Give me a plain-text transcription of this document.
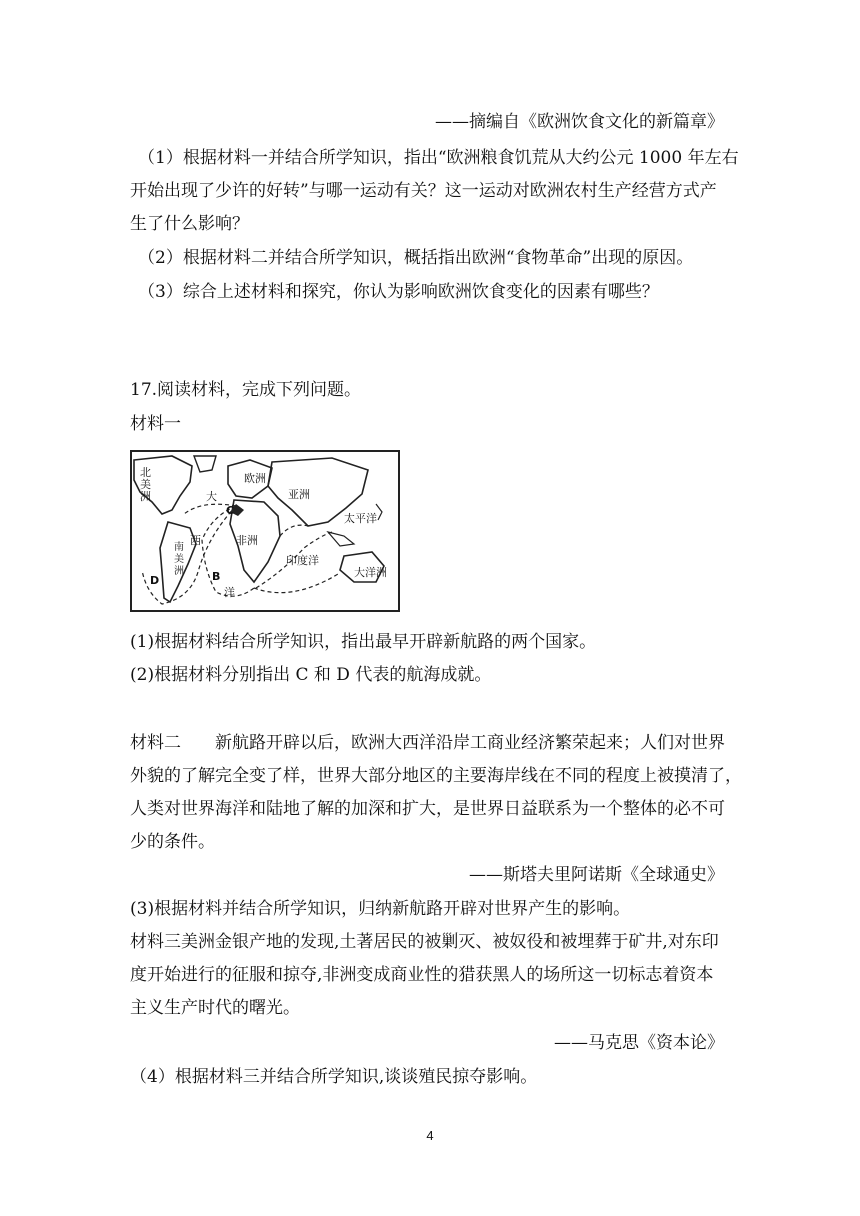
——摘编自《欧洲饮食文化的新篇章》
（1）根据材料一并结合所学知识，指出“欧洲粮食饥荒从大约公元 1000 年左右
开始出现了少许的好转”与哪一运动有关？这一运动对欧洲农村生产经营方式产
生了什么影响？
（2）根据材料二并结合所学知识，概括指出欧洲“食物革命”出现的原因。
（3）综合上述材料和探究，你认为影响欧洲饮食变化的因素有哪些？
17.阅读材料，完成下列问题。
材料一
北
美
洲	大
西
洋
欧洲
亚洲
非洲
太平洋
印度洋
大洋洲
南
美
洲
C
D	B
(1)根据材料结合所学知识，指出最早开辟新航路的两个国家。
(2)根据材料分别指出 C 和 D 代表的航海成就。
材料二　　新航路开辟以后，欧洲大西洋沿岸工商业经济繁荣起来；人们对世界
外貌的了解完全变了样，世界大部分地区的主要海岸线在不同的程度上被摸清了，
人类对世界海洋和陆地了解的加深和扩大，是世界日益联系为一个整体的必不可
少的条件。
——斯塔夫里阿诺斯《全球通史》
(3)根据材料并结合所学知识，归纳新航路开辟对世界产生的影响。
材料三美洲金银产地的发现,土著居民的被剿灭、被奴役和被埋葬于矿井,对东印
度开始进行的征服和掠夺,非洲变成商业性的猎获黑人的场所这一切标志着资本
主义生产时代的曙光。
——马克思《资本论》
（4）根据材料三并结合所学知识,谈谈殖民掠夺影响。
4
